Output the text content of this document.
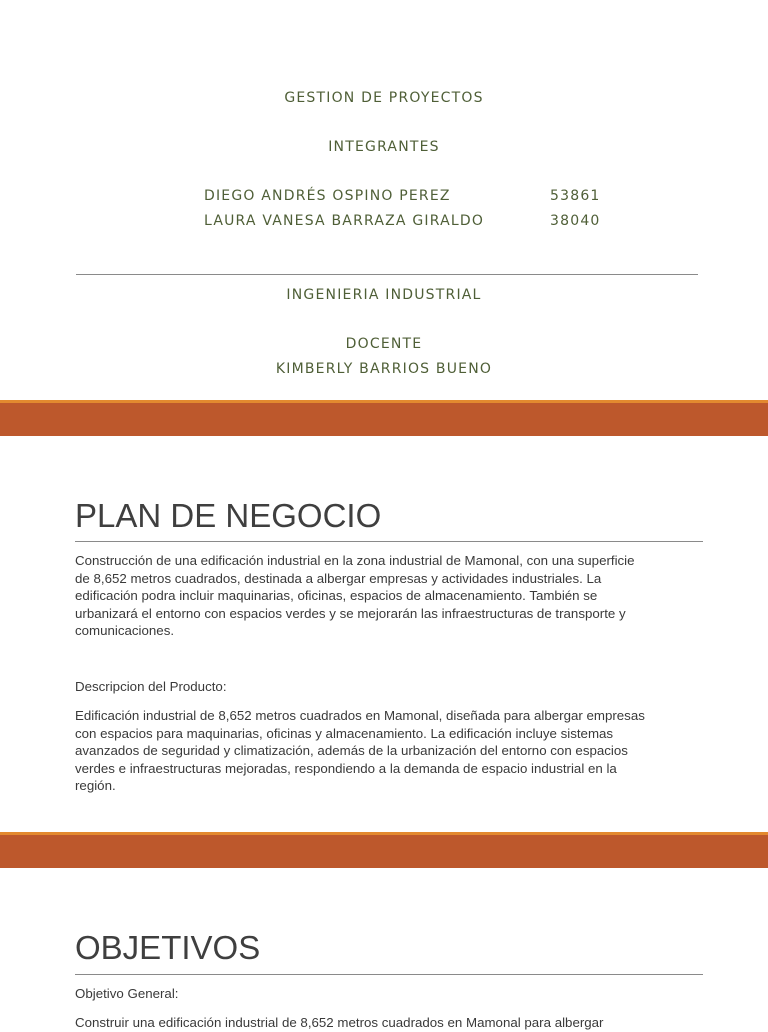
GESTION DE PROYECTOS
INTEGRANTES
DIEGO ANDRÉS OSPINO PEREZ	53861
LAURA VANESA BARRAZA GIRALDO	38040
INGENIERIA INDUSTRIAL
DOCENTE
KIMBERLY BARRIOS BUENO
PLAN DE NEGOCIO

Construcción de una edificación industrial en la zona industrial de Mamonal, con una superficie
de 8,652 metros cuadrados, destinada a albergar empresas y actividades industriales. La
edificación podra incluir maquinarias, oficinas, espacios de almacenamiento. También se
urbanizará el entorno con espacios verdes y se mejorarán las infraestructuras de transporte y
comunicaciones.

Descripcion del Producto:

Edificación industrial de 8,652 metros cuadrados en Mamonal, diseñada para albergar empresas
con espacios para maquinarias, oficinas y almacenamiento. La edificación incluye sistemas
avanzados de seguridad y climatización, además de la urbanización del entorno con espacios
verdes e infraestructuras mejoradas, respondiendo a la demanda de espacio industrial en la
región.

OBJETIVOS

Objetivo General:

Construir una edificación industrial de 8,652 metros cuadrados en Mamonal para albergar
